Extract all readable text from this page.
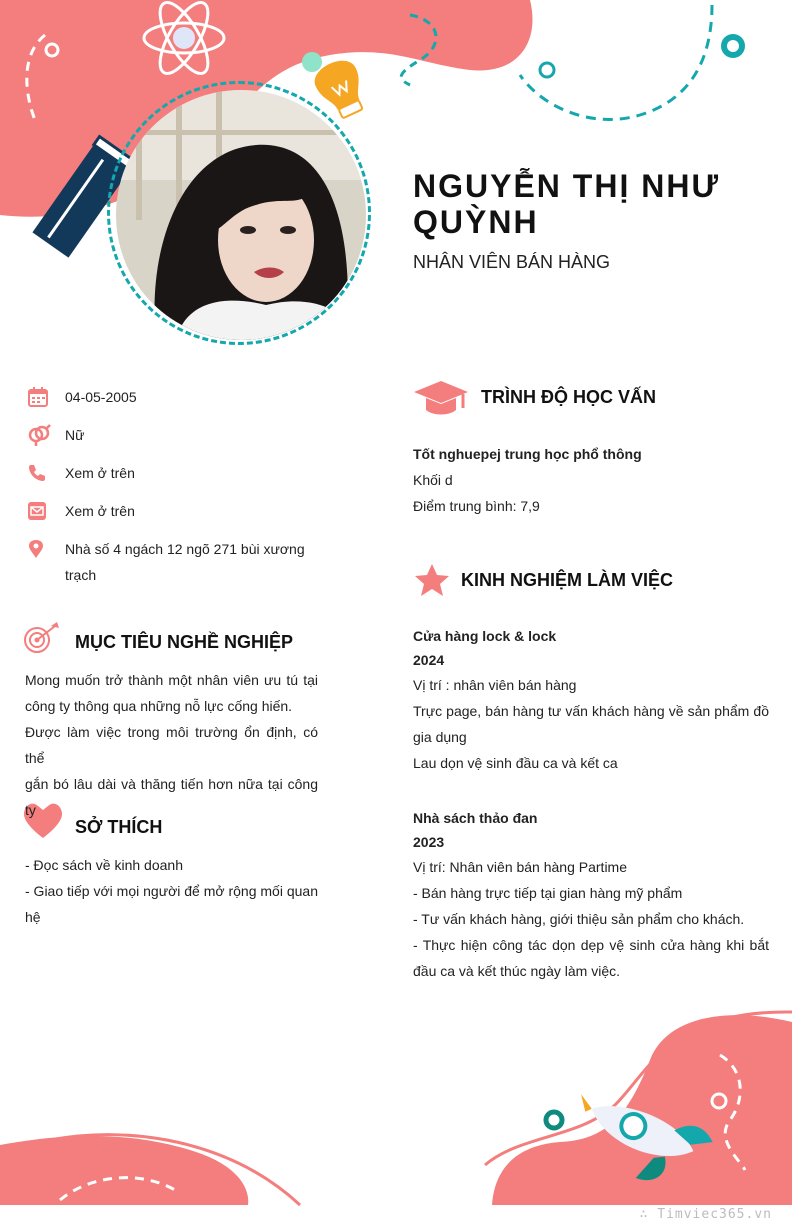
NGUYỄN THỊ NHƯ QUỲNH
NHÂN VIÊN BÁN HÀNG
04-05-2005
Nữ
Xem ở trên
Xem ở trên
Nhà số 4 ngách 12 ngõ 271 bùi xương trạch
MỤC TIÊU NGHỀ NGHIỆP
Mong muốn trở thành một nhân viên ưu tú tại
công ty thông qua những nỗ lực cống hiến.
Được làm việc trong môi trường ổn định, có thể
gắn bó lâu dài và thăng tiến hơn nữa tại công
ty
SỞ THÍCH
- Đọc sách về kinh doanh
- Giao tiếp với mọi người để mở rộng mối quan
hệ
TRÌNH ĐỘ HỌC VẤN
Tốt nghuepej trung học phổ thông
Khối d
Điểm trung bình: 7,9
KINH NGHIỆM LÀM VIỆC
Cửa hàng lock & lock
2024
Vị trí : nhân viên bán hàng
Trực page, bán hàng tư vấn khách hàng về sản phẩm đồ
gia dụng
Lau dọn vệ sinh đầu ca và kết ca
Nhà sách thảo đan
2023
Vị trí: Nhân viên bán hàng Partime
- Bán hàng trực tiếp tại gian hàng mỹ phẩm
- Tư vấn khách hàng, giới thiệu sản phẩm cho khách.
- Thực hiện công tác dọn dẹp vệ sinh cửa hàng khi bắt
đầu ca và kết thúc ngày làm việc.
∴ Timviec365.vn
